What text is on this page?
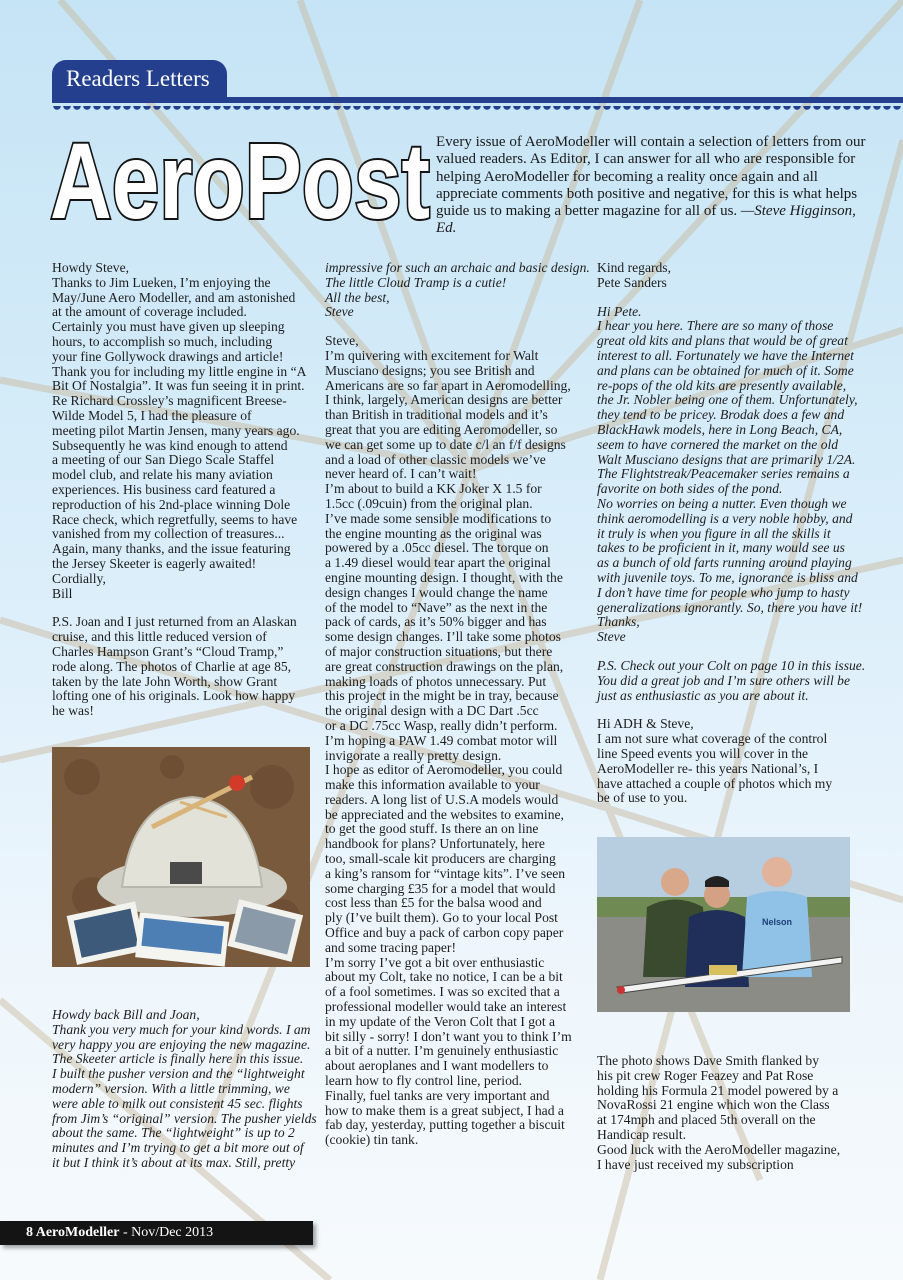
Readers Letters
AeroPost Every issue of AeroModeller will contain a selection of letters from our valued readers. As Editor, I can answer for all who are responsible for helping AeroModeller for becoming a reality once again and all appreciate comments both positive and negative, for this is what helps guide us to making a better magazine for all of us. —Steve Higginson, Ed.

Howdy Steve,

Thanks to Jim Lueken, I’m enjoying the

May/June Aero Modeller, and am astonished

at the amount of coverage included.

Certainly you must have given up sleeping

hours, to accomplish so much, including

your fine Gollywock drawings and article!

Thank you for including my little engine in “A

Bit Of Nostalgia”. It was fun seeing it in print.

Re Richard Crossley’s magnificent Breese-

Wilde Model 5, I had the pleasure of

meeting pilot Martin Jensen, many years ago.

Subsequently he was kind enough to attend

a meeting of our San Diego Scale Staffel

model club, and relate his many aviation

experiences. His business card featured a

reproduction of his 2nd-place winning Dole

Race check, which regretfully, seems to have

vanished from my collection of treasures...

Again, many thanks, and the issue featuring

the Jersey Skeeter is eagerly awaited!

Cordially,

Bill

P.S. Joan and I just returned from an Alaskan

cruise, and this little reduced version of

Charles Hampson Grant’s “Cloud Tramp,”

rode along. The photos of Charlie at age 85,

taken by the late John Worth, show Grant

lofting one of his originals. Look how happy

he was!

Howdy back Bill and Joan,

Thank you very much for your kind words. I am

very happy you are enjoying the new magazine.

The Skeeter article is finally here in this issue.

I built the pusher version and the “lightweight

modern” version. With a little trimming, we

were able to milk out consistent 45 sec. flights

from Jim’s “original” version. The pusher yields

about the same. The “lightweight” is up to 2

minutes and I’m trying to get a bit more out of

it but I think it’s about at its max. Still, pretty

impressive for such an archaic and basic design.

The little Cloud Tramp is a cutie!

All the best,

Steve

Steve,

I’m quivering with excitement for Walt

Musciano designs; you see British and

Americans are so far apart in Aeromodelling,

I think, largely, American designs are better

than British in traditional models and it’s

great that you are editing Aeromodeller, so

we can get some up to date c/l an f/f designs

and a load of other classic models we’ve

never heard of. I can’t wait!

I’m about to build a KK Joker X 1.5 for

1.5cc (.09cuin) from the original plan.

I’ve made some sensible modifications to

the engine mounting as the original was

powered by a .05cc diesel. The torque on

a 1.49 diesel would tear apart the original

engine mounting design. I thought, with the

design changes I would change the name

of the model to “Nave” as the next in the

pack of cards, as it’s 50% bigger and has

some design changes. I’ll take some photos

of major construction situations, but there

are great construction drawings on the plan,

making loads of photos unnecessary. Put

this project in the might be in tray, because

the original design with a DC Dart .5cc

or a DC .75cc Wasp, really didn’t perform.

I’m hoping a PAW 1.49 combat motor will

invigorate a really pretty design.

I hope as editor of Aeromodeller, you could

make this information available to your

readers. A long list of U.S.A models would

be appreciated and the websites to examine,

to get the good stuff. Is there an on line

handbook for plans? Unfortunately, here

too, small-scale kit producers are charging

a king’s ransom for “vintage kits”. I’ve seen

some charging £35 for a model that would

cost less than £5 for the balsa wood and

ply (I’ve built them). Go to your local Post

Office and buy a pack of carbon copy paper

and some tracing paper!

I’m sorry I’ve got a bit over enthusiastic

about my Colt, take no notice, I can be a bit

of a fool sometimes. I was so excited that a

professional modeller would take an interest

in my update of the Veron Colt that I got a

bit silly - sorry! I don’t want you to think I’m

a bit of a nutter. I’m genuinely enthusiastic

about aeroplanes and I want modellers to

learn how to fly control line, period.

Finally, fuel tanks are very important and

how to make them is a great subject, I had a

fab day, yesterday, putting together a biscuit

(cookie) tin tank.

Kind regards,

Pete Sanders

Hi Pete.

I hear you here. There are so many of those

great old kits and plans that would be of great

interest to all. Fortunately we have the Internet

and plans can be obtained for much of it. Some

re-pops of the old kits are presently available,

the Jr. Nobler being one of them. Unfortunately,

they tend to be pricey. Brodak does a few and

BlackHawk models, here in Long Beach, CA,

seem to have cornered the market on the old

Walt Musciano designs that are primarily 1/2A.

The Flightstreak/Peacemaker series remains a

favorite on both sides of the pond.

No worries on being a nutter. Even though we

think aeromodelling is a very noble hobby, and

it truly is when you figure in all the skills it

takes to be proficient in it, many would see us

as a bunch of old farts running around playing

with juvenile toys. To me, ignorance is bliss and

I don’t have time for people who jump to hasty

generalizations ignorantly. So, there you have it!

Thanks,

Steve

P.S. Check out your Colt on page 10 in this issue.

You did a great job and I’m sure others will be

just as enthusiastic as you are about it.

Hi ADH & Steve,

I am not sure what coverage of the control

line Speed events you will cover in the

AeroModeller re- this years National’s, I

have attached a couple of photos which my

be of use to you.

Nelson

The photo shows Dave Smith flanked by

his pit crew Roger Feazey and Pat Rose

holding his Formula 21 model powered by a

NovaRossi 21 engine which won the Class

at 174mph and placed 5th overall on the

Handicap result.

Good luck with the AeroModeller magazine,

I have just received my subscription

8 AeroModeller - Nov/Dec 2013
